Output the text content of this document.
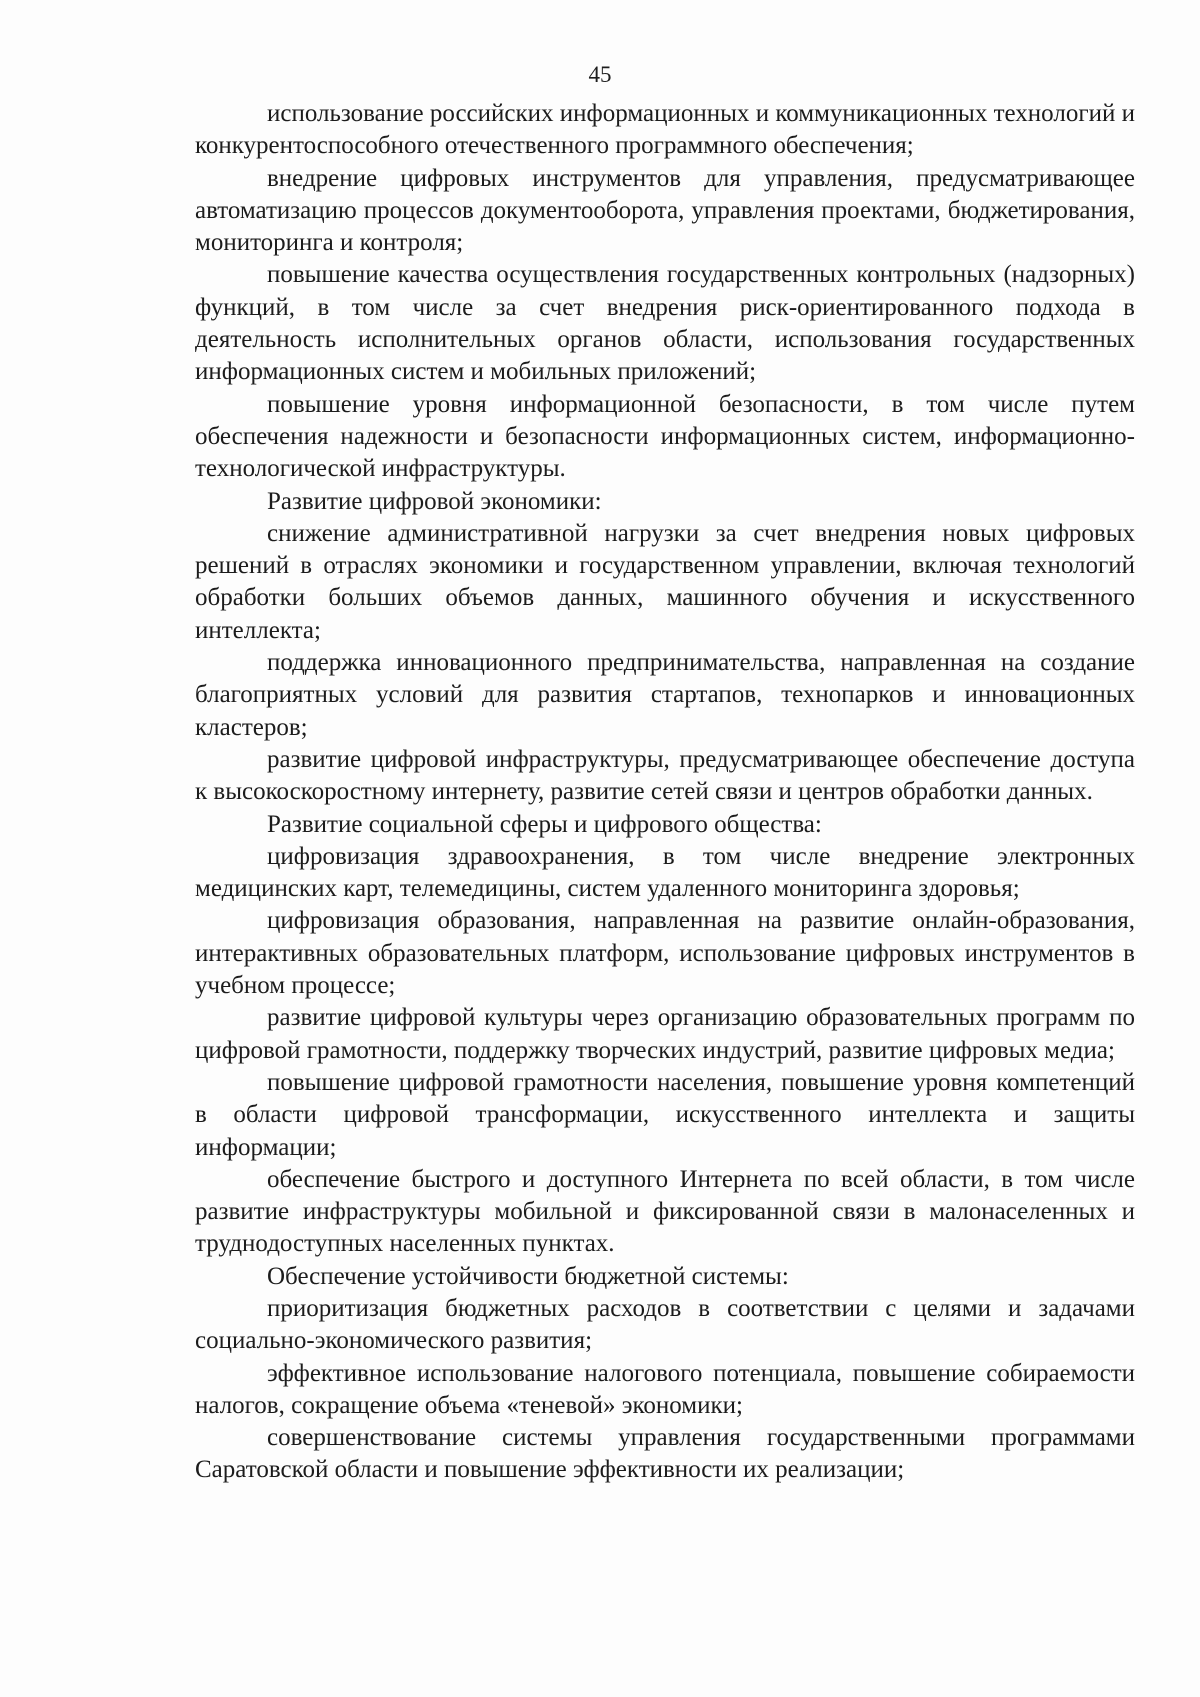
45

использование российских информационных и коммуникационных технологий и конкурентоспособного отечественного программного обеспечения;

внедрение цифровых инструментов для управления, предусматривающее автоматизацию процессов документооборота, управления проектами, бюджетирования, мониторинга и контроля;

повышение качества осуществления государственных контрольных (надзорных) функций, в том числе за счет внедрения риск-ориентированного подхода в деятельность исполнительных органов области, использования государственных информационных систем и мобильных приложений;

повышение уровня информационной безопасности, в том числе путем обеспечения надежности и безопасности информационных систем, информационно-технологической инфраструктуры.

Развитие цифровой экономики:

снижение административной нагрузки за счет внедрения новых цифровых решений в отраслях экономики и государственном управлении, включая технологий обработки больших объемов данных, машинного обучения и искусственного интеллекта;

поддержка инновационного предпринимательства, направленная на создание благоприятных условий для развития стартапов, технопарков и инновационных кластеров;

развитие цифровой инфраструктуры, предусматривающее обеспечение доступа к высокоскоростному интернету, развитие сетей связи и центров обработки данных.

Развитие социальной сферы и цифрового общества:

цифровизация здравоохранения, в том числе внедрение электронных медицинских карт, телемедицины, систем удаленного мониторинга здоровья;

цифровизация образования, направленная на развитие онлайн-образования, интерактивных образовательных платформ, использование цифровых инструментов в учебном процессе;

развитие цифровой культуры через организацию образовательных программ по цифровой грамотности, поддержку творческих индустрий, развитие цифровых медиа;

повышение цифровой грамотности населения, повышение уровня компетенций в области цифровой трансформации, искусственного интеллекта и защиты информации;

обеспечение быстрого и доступного Интернета по всей области, в том числе развитие инфраструктуры мобильной и фиксированной связи в малонаселенных и труднодоступных населенных пунктах.

Обеспечение устойчивости бюджетной системы:

приоритизация бюджетных расходов в соответствии с целями и задачами социально-экономического развития;

эффективное использование налогового потенциала, повышение собираемости налогов, сокращение объема «теневой» экономики;

совершенствование системы управления государственными программами Саратовской области и повышение эффективности их реализации;
